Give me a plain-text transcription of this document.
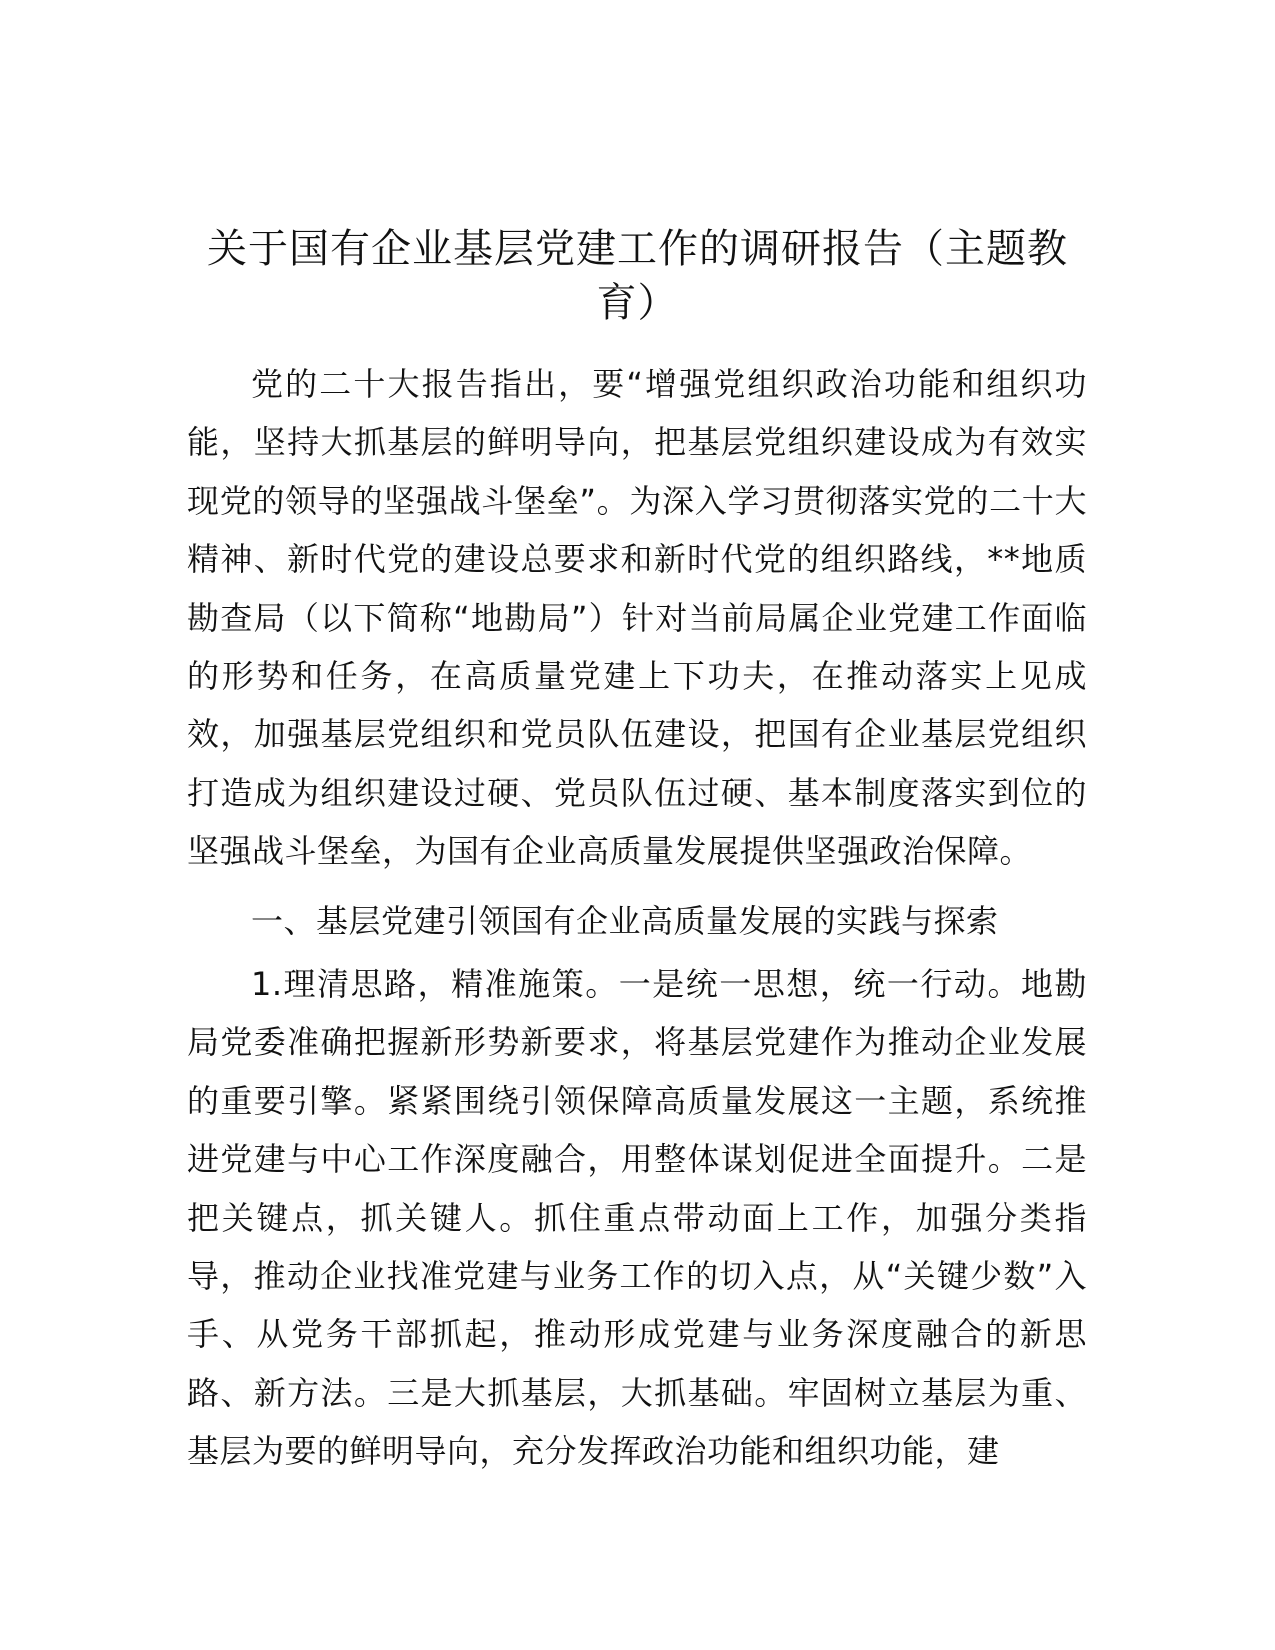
关于国有企业基层党建工作的调研报告（主题教育）

党的二十大报告指出，要“增强党组织政治功能和组织功能，坚持大抓基层的鲜明导向，把基层党组织建设成为有效实现党的领导的坚强战斗堡垒”。为深入学习贯彻落实党的二十大精神、新时代党的建设总要求和新时代党的组织路线，**地质勘查局（以下简称“地勘局”）针对当前局属企业党建工作面临的形势和任务，在高质量党建上下功夫，在推动落实上见成效，加强基层党组织和党员队伍建设，把国有企业基层党组织打造成为组织建设过硬、党员队伍过硬、基本制度落实到位的坚强战斗堡垒，为国有企业高质量发展提供坚强政治保障。

一、基层党建引领国有企业高质量发展的实践与探索

1.理清思路，精准施策。一是统一思想，统一行动。地勘局党委准确把握新形势新要求，将基层党建作为推动企业发展的重要引擎。紧紧围绕引领保障高质量发展这一主题，系统推进党建与中心工作深度融合，用整体谋划促进全面提升。二是把关键点，抓关键人。抓住重点带动面上工作，加强分类指导，推动企业找准党建与业务工作的切入点，从“关键少数”入手、从党务干部抓起，推动形成党建与业务深度融合的新思路、新方法。三是大抓基层，大抓基础。牢固树立基层为重、基层为要的鲜明导向，充分发挥政治功能和组织功能，建
